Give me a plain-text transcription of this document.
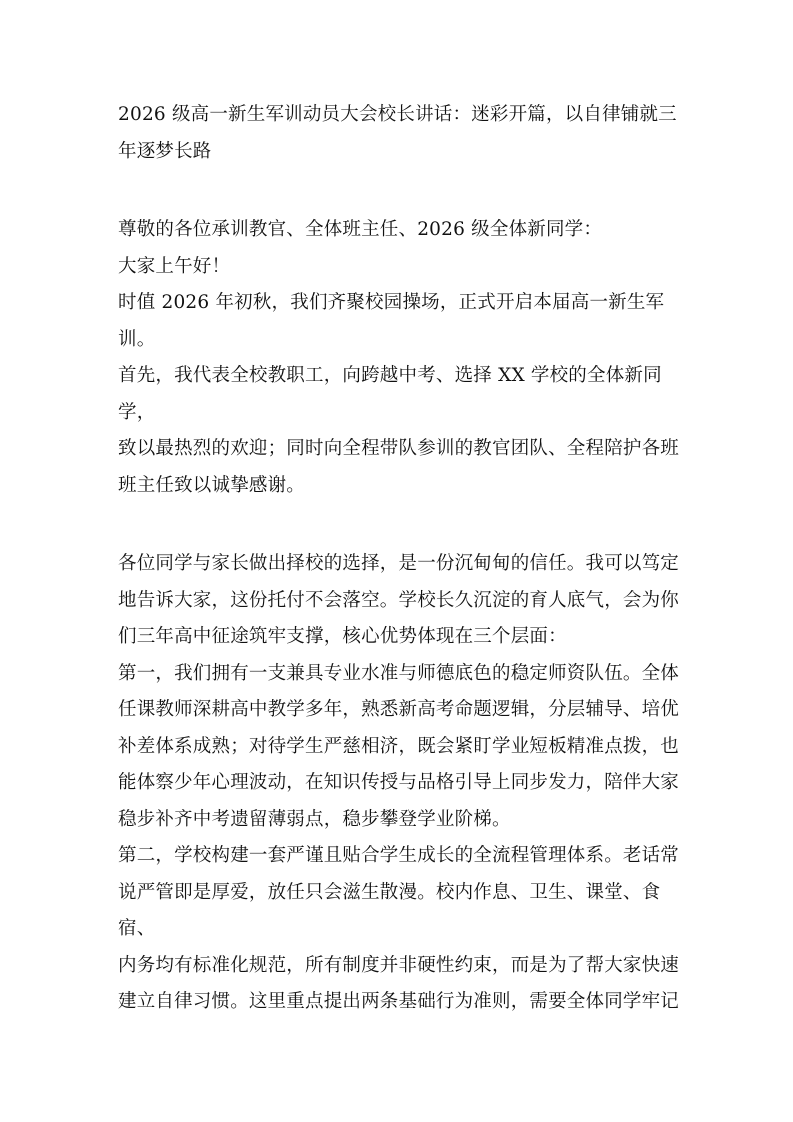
2026 级高一新生军训动员大会校长讲话：迷彩开篇，以自律铺就三

年逐梦长路

尊敬的各位承训教官、全体班主任、2026 级全体新同学：

大家上午好！

时值 2026 年初秋，我们齐聚校园操场，正式开启本届高一新生军训。

首先，我代表全校教职工，向跨越中考、选择 XX 学校的全体新同学，

致以最热烈的欢迎；同时向全程带队参训的教官团队、全程陪护各班

班主任致以诚挚感谢。

各位同学与家长做出择校的选择，是一份沉甸甸的信任。我可以笃定

地告诉大家，这份托付不会落空。学校长久沉淀的育人底气，会为你

们三年高中征途筑牢支撑，核心优势体现在三个层面：

第一，我们拥有一支兼具专业水准与师德底色的稳定师资队伍。全体

任课教师深耕高中教学多年，熟悉新高考命题逻辑，分层辅导、培优

补差体系成熟；对待学生严慈相济，既会紧盯学业短板精准点拨，也

能体察少年心理波动，在知识传授与品格引导上同步发力，陪伴大家

稳步补齐中考遗留薄弱点，稳步攀登学业阶梯。

第二，学校构建一套严谨且贴合学生成长的全流程管理体系。老话常

说严管即是厚爱，放任只会滋生散漫。校内作息、卫生、课堂、食宿、

内务均有标准化规范，所有制度并非硬性约束，而是为了帮大家快速

建立自律习惯。这里重点提出两条基础行为准则，需要全体同学牢记
